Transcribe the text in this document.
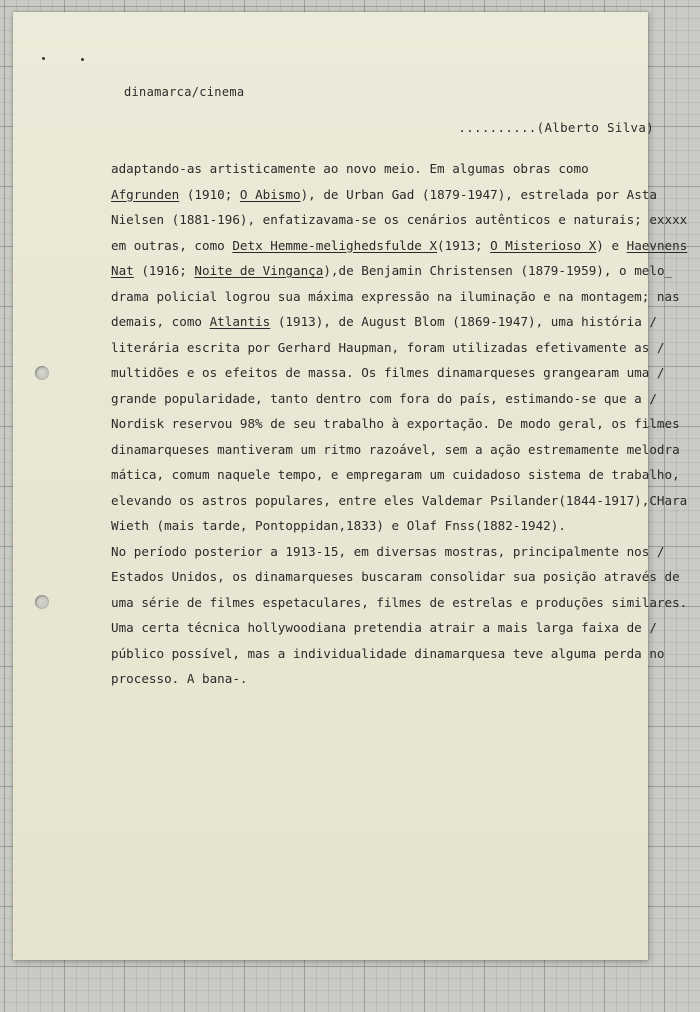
dinamarca/cinema
..........(Alberto Silva)
adaptando-as artisticamente ao novo meio. Em algumas obras como
Afgrunden (1910; O Abismo), de Urban Gad (1879-1947), estrelada por Asta
Nielsen (1881-196), enfatizavama-se os cenários autênticos e naturais; exxxx
em outras, como Detx Hemme-melighedsfulde X(1913; O Misterioso X) e Haevnens
Nat (1916; Noite de Vingança),de Benjamin Christensen (1879-1959), o melo_
drama policial logrou sua máxima expressão na iluminação e na montagem; nas
demais, como Atlantis (1913), de August Blom (1869-1947), uma história /
literária escrita por Gerhard Haupman, foram utilizadas efetivamente as /
multidões e os efeitos de massa. Os filmes dinamarqueses grangearam uma /
grande popularidade, tanto dentro com fora do país, estimando-se que a /
Nordisk reservou 98% de seu trabalho à exportação. De modo geral, os filmes
dinamarqueses mantiveram um ritmo razoável, sem a ação estremamente melodra
mática, comum naquele tempo, e empregaram um cuidadoso sistema de trabalho,
elevando os astros populares, entre eles Valdemar Psilander(1844-1917),CHara
Wieth (mais tarde, Pontoppidan,1833) e Olaf Fnss(1882-1942).
No período posterior a 1913-15, em diversas mostras, principalmente nos /
Estados Unidos, os dinamarqueses buscaram consolidar sua posição através de
uma série de filmes espetaculares, filmes de estrelas e produções similares.
Uma certa técnica hollywoodiana pretendia atrair a mais larga faixa de /
público possível, mas a individualidade dinamarquesa teve alguma perda no
processo. A bana-.
